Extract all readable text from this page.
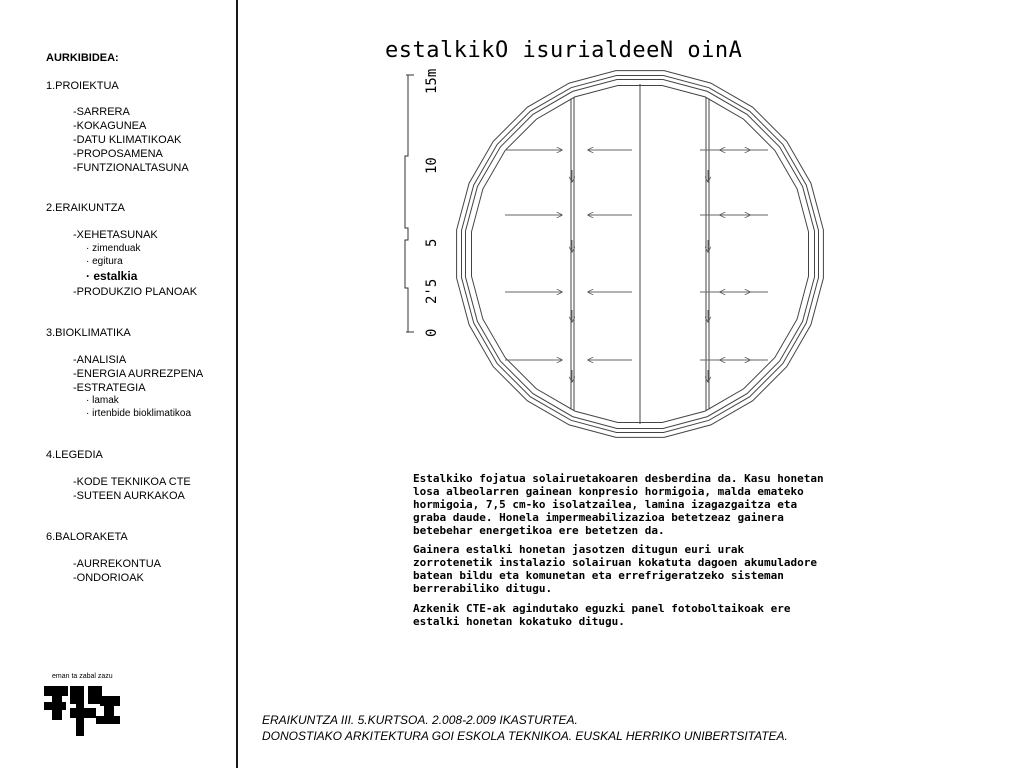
AURKIBIDEA:
1.PROIEKTUA
-SARRERA
-KOKAGUNEA
-DATU KLIMATIKOAK
-PROPOSAMENA
-FUNTZIONALTASUNA
2.ERAIKUNTZA
-XEHETASUNAK
· zimenduak
· egitura
· estalkia
-PRODUKZIO PLANOAK
3.BIOKLIMATIKA
-ANALISIA
-ENERGIA AURREZPENA
-ESTRATEGIA
· lamak
· irtenbide bioklimatikoa
4.LEGEDIA
-KODE TEKNIKOA CTE
-SUTEEN AURKAKOA
6.BALORAKETA
-AURREKONTUA
-ONDORIOAK
eman ta zabal zazu
estalkikO isurialdeeN oinA
0
2'5
5
10
15m
Estalkiko fojatua solairuetakoaren desberdina da. Kasu honetan
losa albeolarren gainean konpresio hormigoia, malda emateko
hormigoia, 7,5 cm-ko isolatzailea, lamina izagazgaitza eta
graba daude. Honela impermeabilizazioa betetzeaz gainera
betebehar energetikoa ere betetzen da.
Gainera estalki honetan jasotzen ditugun euri urak
zorrotenetik instalazio solairuan kokatuta dagoen akumuladore
batean bildu eta komunetan eta errefrigeratzeko sisteman
berrerabiliko ditugu.
Azkenik CTE-ak agindutako eguzki panel fotoboltaikoak ere
estalki honetan kokatuko ditugu.
ERAIKUNTZA III. 5.KURTSOA. 2.008-2.009 IKASTURTEA.
DONOSTIAKO ARKITEKTURA GOI ESKOLA TEKNIKOA. EUSKAL HERRIKO UNIBERTSITATEA.
